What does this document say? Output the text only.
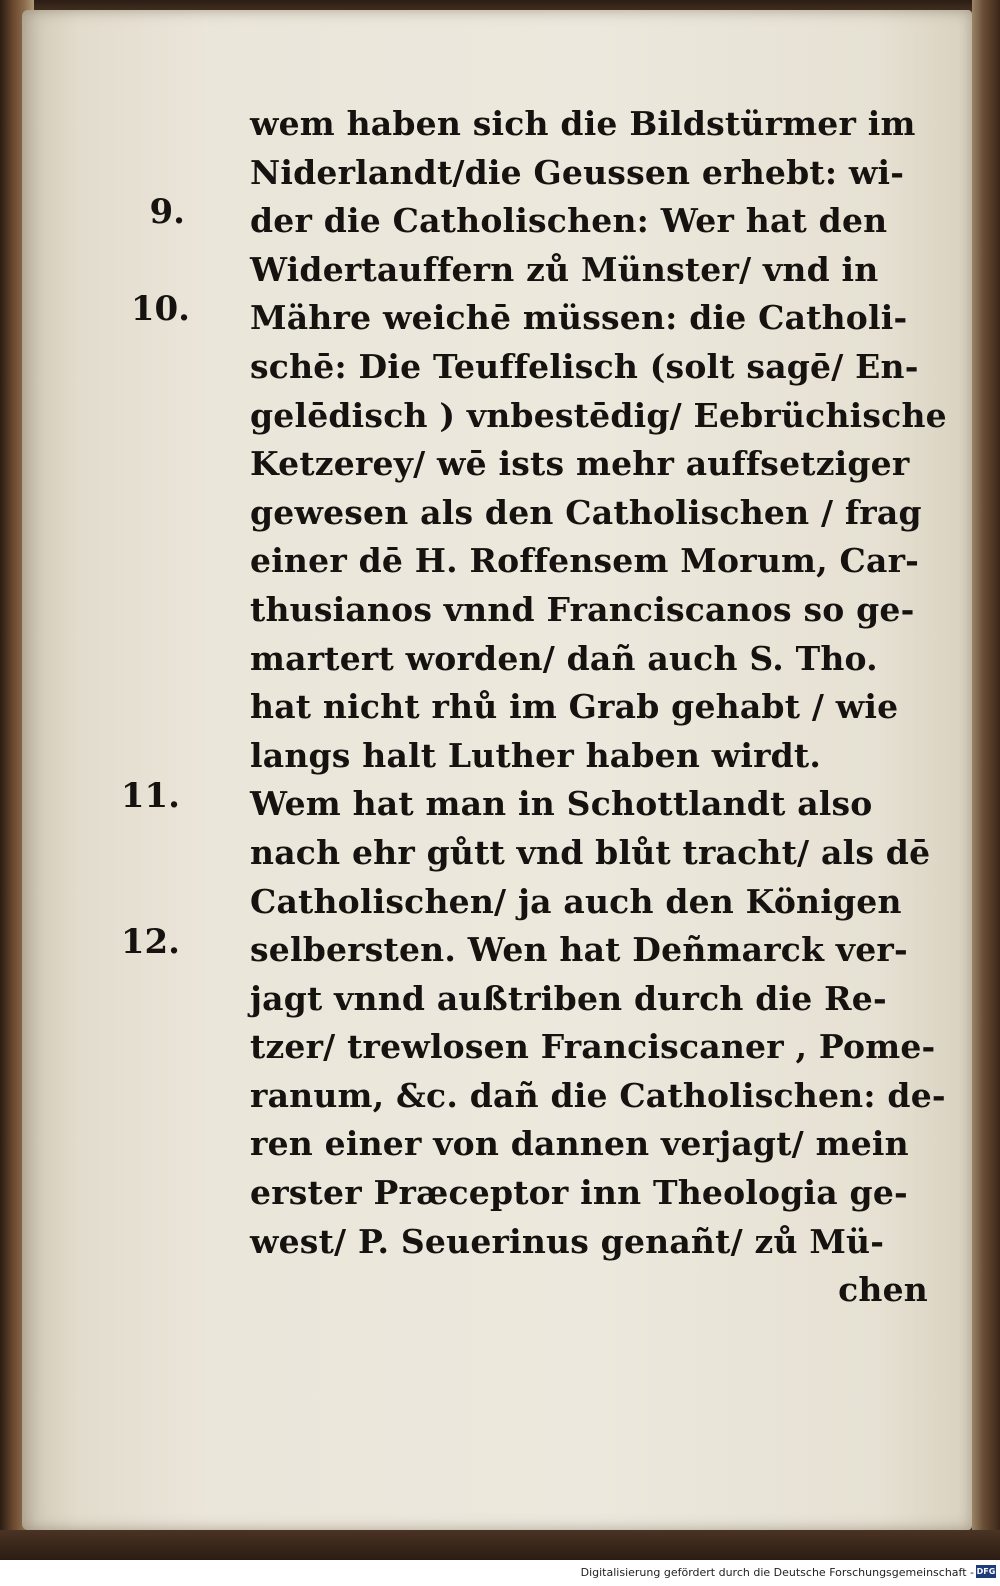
9.
10.
11.
12.
wem haben sich die Bildstürmer im
Niderlandt/die Geussen erhebt: wi-
der die Catholischen: Wer hat den
Widertauffern zů Münster/ vnd in
Mähre weichē müssen: die Catholi-
schē: Die Teuffelisch (solt sagē/ En-
gelēdisch ) vnbestēdig/ Eebrüchische
Ketzerey/ wē ists mehr auffsetziger
gewesen als den Catholischen / frag
einer dē H. Roffensem Morum, Car-
thusianos vnnd Franciscanos so ge-
martert worden/ dañ auch S. Tho.
hat nicht rhů im Grab gehabt / wie
langs halt Luther haben wirdt.
Wem hat man in Schottlandt also
nach ehr gůtt vnd blůt tracht/ als dē
Catholischen/ ja auch den Königen
selbersten. Wen hat Deñmarck ver-
jagt vnnd außtriben durch die Re-
tzer/ trewlosen Franciscaner , Pome-
ranum, &c. dañ die Catholischen: de-
ren einer von dannen verjagt/ mein
erster Præceptor inn Theologia ge-
west/ P. Seuerinus genañt/ zů Mü-
chen
Digitalisierung gefördert durch die Deutsche Forschungsgemeinschaft - DFG
